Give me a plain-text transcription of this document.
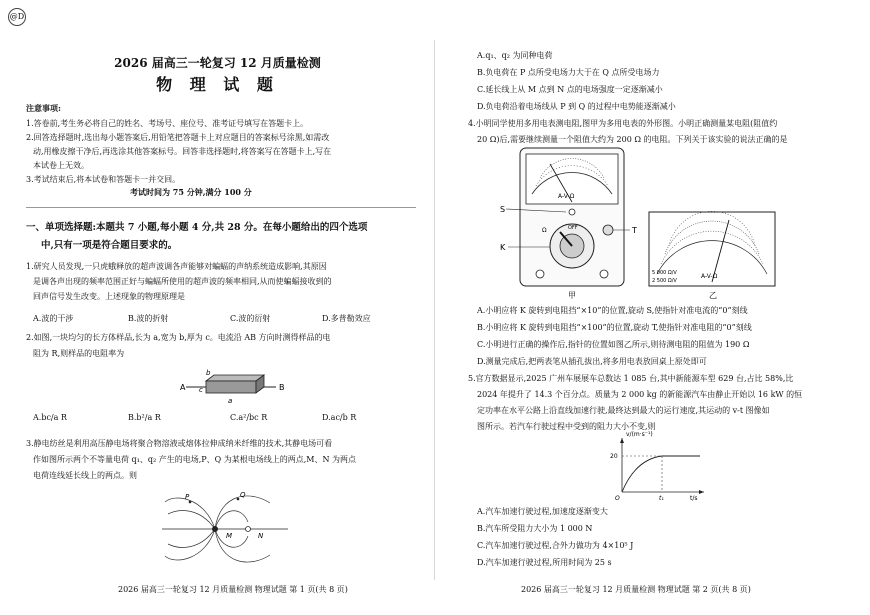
@D
2026 届高三一轮复习 12 月质量检测
物 理 试 题
注意事项:
1.答卷前,考生务必将自己的姓名、考场号、座位号、准考证号填写在答题卡上。
2.回答选择题时,选出每小题答案后,用铅笔把答题卡上对应题目的答案标号涂黑,如需改
动,用橡皮擦干净后,再选涂其他答案标号。回答非选择题时,将答案写在答题卡上,写在
本试卷上无效。
3.考试结束后,将本试卷和答题卡一并交回。
考试时间为 75 分钟,满分 100 分
一、单项选择题:本题共 7 小题,每小题 4 分,共 28 分。在每小题给出的四个选项
中,只有一项是符合题目要求的。
1.研究人员发现,一只虎蛾释放的超声波调各声能够对蝙蝠的声纳系统造成影响,其原因
是调各声出现的频率范围正好与蝙蝠所使用的超声波的频率相同,从而使蝙蝠接收到的
回声信号发生改变。上述现象的物理原理是
A.波的干涉	B.波的折射	C.波的衍射	D.多普勒效应
2.如图,一块均匀的长方体样品,长为 a,宽为 b,厚为 c。电流沿 AB 方向时测得样品的电
阻为 R,则样品的电阻率为
A	B
a
b
c
A.bc/a R	B.b²/a R	C.a²/bc R	D.ac/b R
3.静电纺丝是利用高压静电场将聚合物溶液或熔体拉伸成纳米纤维的技术,其静电场可看
作如图所示两个不等量电荷 q₁、q₂ 产生的电场,P、Q 为某根电场线上的两点,M、N 为两点
电荷连线延长线上的两点。则
P	Q
M	N
2026 届高三一轮复习 12 月质量检测 物理试题 第 1 页(共 8 页)
A.q₁、q₂ 为同种电荷
B.负电荷在 P 点所受电场力大于在 Q 点所受电场力
C.延长线上从 M 点到 N 点的电场强度一定逐渐减小
D.负电荷沿着电场线从 P 到 Q 的过程中电势能逐渐减小
4.小明同学使用多用电表测电阻,图甲为多用电表的外形图。小明正确测量某电阻(阻值约
20 Ω)后,需要继续测量一个阻值大约为 200 Ω 的电阻。下列关于该实验的说法正确的是
A-V-Ω
OFF
Ω
S
K
T
甲
A-V-Ω
5 000 Ω/V
2 500 Ω/V
乙
A.小明应将 K 旋转到电阻挡“×10”的位置,旋动 S,使指针对准电流的“0”刻线
B.小明应将 K 旋转到电阻挡“×100”的位置,旋动 T,使指针对准电阻的“0”刻线
C.小明进行正确的操作后,指针的位置如图乙所示,则待测电阻的阻值为 190 Ω
D.测量完成后,把两表笔从插孔拔出,将多用电表放回桌上原处即可
5.官方数据显示,2025 广州车展展车总数达 1 085 台,其中新能源车型 629 台,占比 58%,比
2024 年提升了 14.3 个百分点。质量为 2 000 kg 的新能源汽车由静止开始以 16 kW 的恒
定功率在水平公路上沿直线加速行驶,最终达到最大的运行速度,其运动的 v-t 图像如
图所示。若汽车行驶过程中受到的阻力大小不变,则
v/(m·s⁻¹)
t/s
20
O	t₁
A.汽车加速行驶过程,加速度逐渐变大
B.汽车所受阻力大小为 1 000 N
C.汽车加速行驶过程,合外力做功为 4×10⁵ J
D.汽车加速行驶过程,所用时间为 25 s
2026 届高三一轮复习 12 月质量检测 物理试题 第 2 页(共 8 页)
